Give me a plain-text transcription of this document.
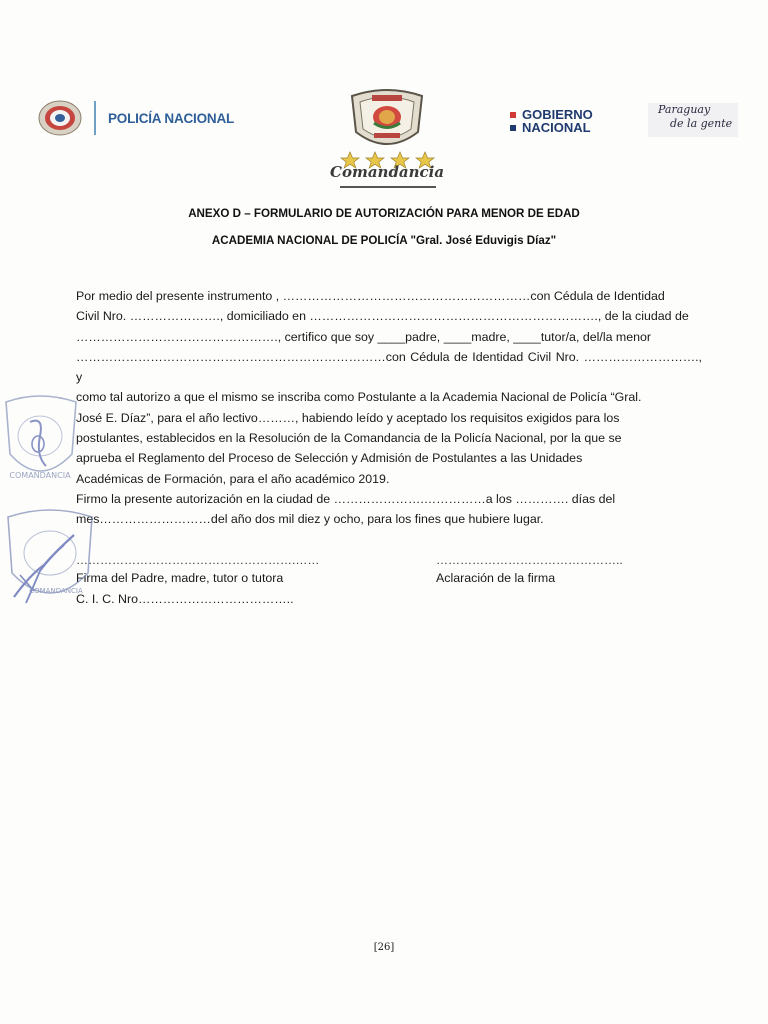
POLICÍA NACIONAL
Comandancia
GOBIERNO
NACIONAL
Paraguay
de la gente
ANEXO D – FORMULARIO DE AUTORIZACIÓN PARA MENOR DE EDAD
ACADEMIA NACIONAL DE POLICÍA "Gral. José Eduvigis Díaz"

Por medio del presente instrumento , ……………………………………………………con Cédula de Identidad

Civil Nro. …………………., domiciliado en ……………………………………………………………., de la ciudad de

…………………………………………., certifico que soy ____padre, ____madre, ____tutor/a, del/la menor

…………………………………………………………………con Cédula de Identidad Civil Nro. ………………………., y

como tal autorizo a que el mismo se inscriba como Postulante a la Academia Nacional de Policía “Gral.

José E. Díaz”, para el año lectivo………, habiendo leído y aceptado los requisitos exigidos para los

postulantes, establecidos en la Resolución de la Comandancia de la Policía Nacional, por la que se

aprueba el Reglamento del Proceso de Selección y Admisión de Postulantes a las Unidades

Académicas de Formación, para el año académico 2019.

Firmo la presente autorización en la ciudad de ………………….……………a los …………. días del

mes………………………del año dos mil diez y ocho, para los fines que hubiere lugar.

……………………………………………….……	………………………………………..
Firma del Padre, madre, tutor o tutora	Aclaración de la firma
C. I. C. Nro………………………………..
COMANDANCIA
COMANDANCIA
[26]
